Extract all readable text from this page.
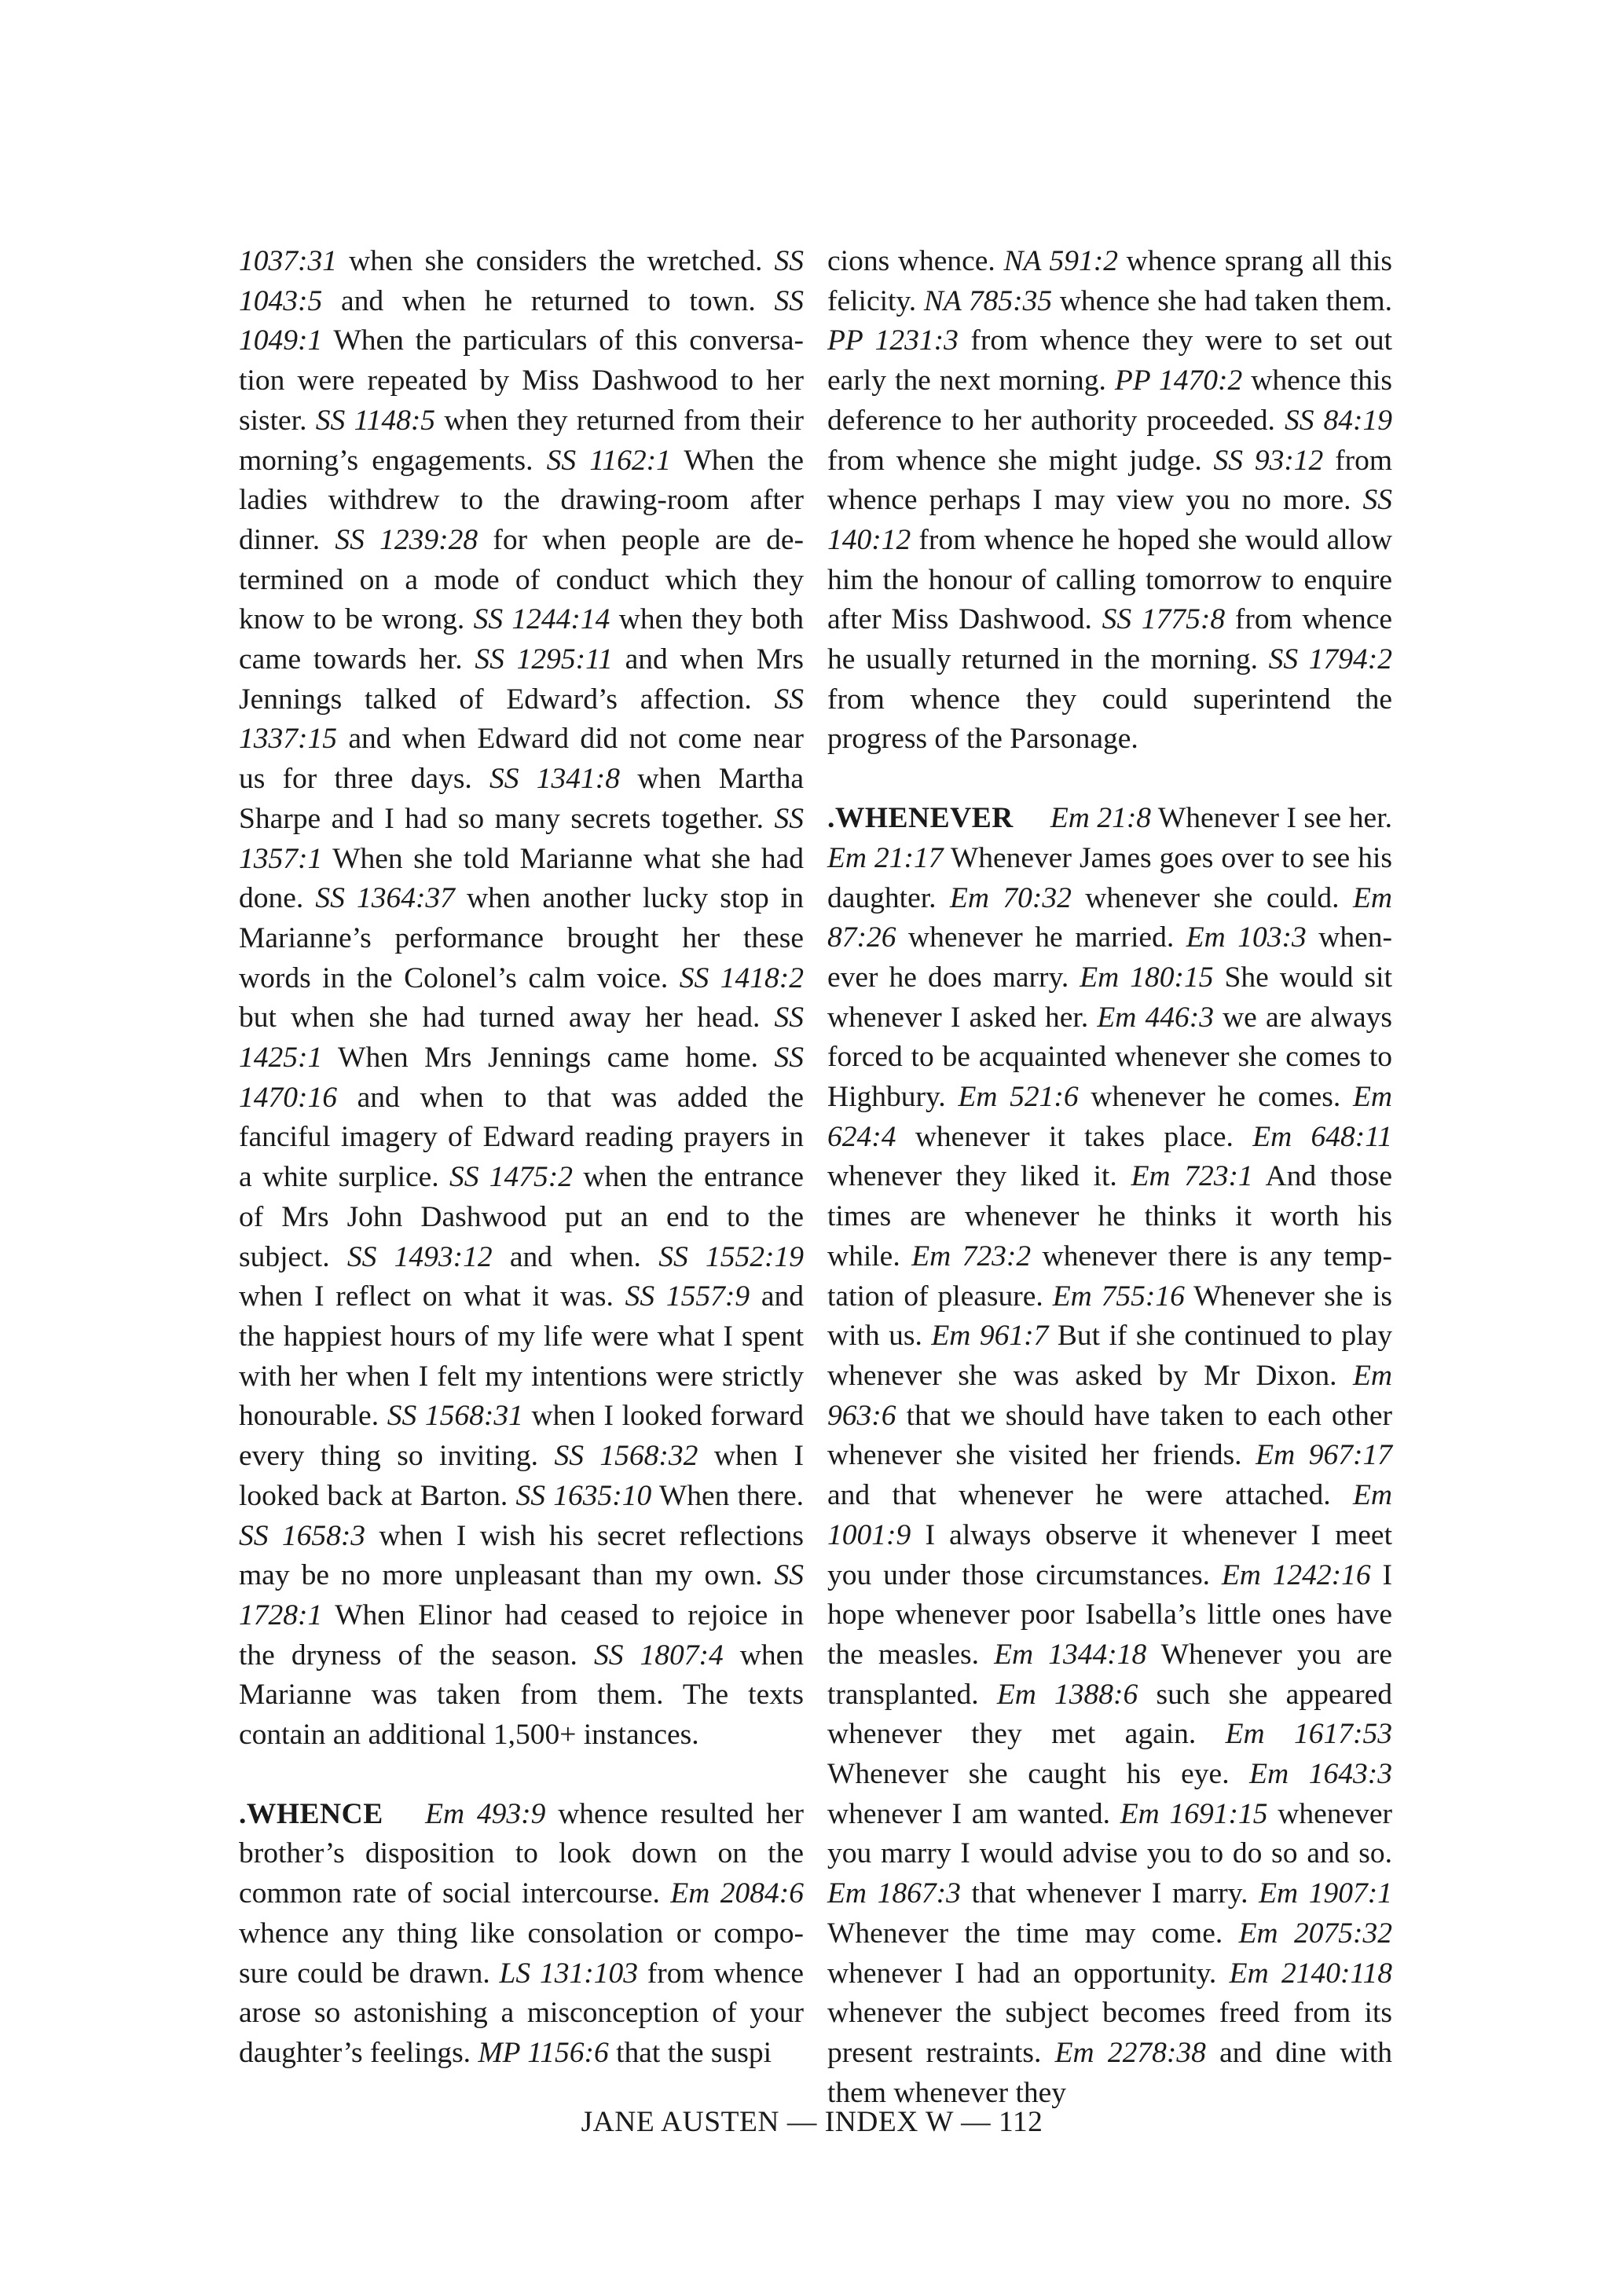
1037:31 when she considers the wretched. SS 1043:5 and when he returned to town. SS 1049:1 When the particulars of this conversation were repeated by Miss Dashwood to her sister. SS 1148:5 when they returned from their morning’s engagements. SS 1162:1 When the ladies withdrew to the drawing-room after dinner. SS 1239:28 for when people are determined on a mode of conduct which they know to be wrong. SS 1244:14 when they both came towards her. SS 1295:11 and when Mrs Jennings talked of Edward’s affection. SS 1337:15 and when Edward did not come near us for three days. SS 1341:8 when Martha Sharpe and I had so many secrets together. SS 1357:1 When she told Marianne what she had done. SS 1364:37 when another lucky stop in Marianne’s performance brought her these words in the Colonel’s calm voice. SS 1418:2 but when she had turned away her head. SS 1425:1 When Mrs Jennings came home. SS 1470:16 and when to that was added the fanciful imagery of Edward reading prayers in a white surplice. SS 1475:2 when the entrance of Mrs John Dashwood put an end to the subject. SS 1493:12 and when. SS 1552:19 when I reflect on what it was. SS 1557:9 and the happiest hours of my life were what I spent with her when I felt my intentions were strictly honourable. SS 1568:31 when I looked forward every thing so inviting. SS 1568:32 when I looked back at Barton. SS 1635:10 When there. SS 1658:3 when I wish his secret reflections may be no more unpleasant than my own. SS 1728:1 When Elinor had ceased to rejoice in the dryness of the season. SS 1807:4 when Marianne was taken from them. The texts contain an additional 1,500+ instances.

.WHENCE  Em 493:9 whence resulted her brother’s disposition to look down on the common rate of social intercourse. Em 2084:6 whence any thing like consolation or composure could be drawn. LS 131:103 from whence arose so astonishing a misconception of your daughter’s feelings. MP 1156:6 that the suspi

cions whence. NA 591:2 whence sprang all this felicity. NA 785:35 whence she had taken them. PP 1231:3 from whence they were to set out early the next morning. PP 1470:2 whence this deference to her authority proceeded. SS 84:19 from whence she might judge. SS 93:12 from whence perhaps I may view you no more. SS 140:12 from whence he hoped she would allow him the honour of calling tomorrow to enquire after Miss Dashwood. SS 1775:8 from whence he usually returned in the morning. SS 1794:2 from whence they could superintend the progress of the Parsonage.

.WHENEVER  Em 21:8 Whenever I see her. Em 21:17 Whenever James goes over to see his daughter. Em 70:32 whenever she could. Em 87:26 whenever he married. Em 103:3 whenever he does marry. Em 180:15 She would sit whenever I asked her. Em 446:3 we are always forced to be acquainted whenever she comes to Highbury. Em 521:6 whenever he comes. Em 624:4 whenever it takes place. Em 648:11 whenever they liked it. Em 723:1 And those times are whenever he thinks it worth his while. Em 723:2 whenever there is any temptation of pleasure. Em 755:16 Whenever she is with us. Em 961:7 But if she continued to play whenever she was asked by Mr Dixon. Em 963:6 that we should have taken to each other whenever she visited her friends. Em 967:17 and that whenever he were attached. Em 1001:9 I always observe it whenever I meet you under those circumstances. Em 1242:16 I hope whenever poor Isabella’s little ones have the measles. Em 1344:18 Whenever you are transplanted. Em 1388:6 such she appeared whenever they met again. Em 1617:53 Whenever she caught his eye. Em 1643:3 whenever I am wanted. Em 1691:15 whenever you marry I would advise you to do so and so. Em 1867:3 that whenever I marry. Em 1907:1 Whenever the time may come. Em 2075:32 whenever I had an opportunity. Em 2140:118 whenever the subject becomes freed from its present restraints. Em 2278:38 and dine with them whenever they

JANE AUSTEN — INDEX W — 112
